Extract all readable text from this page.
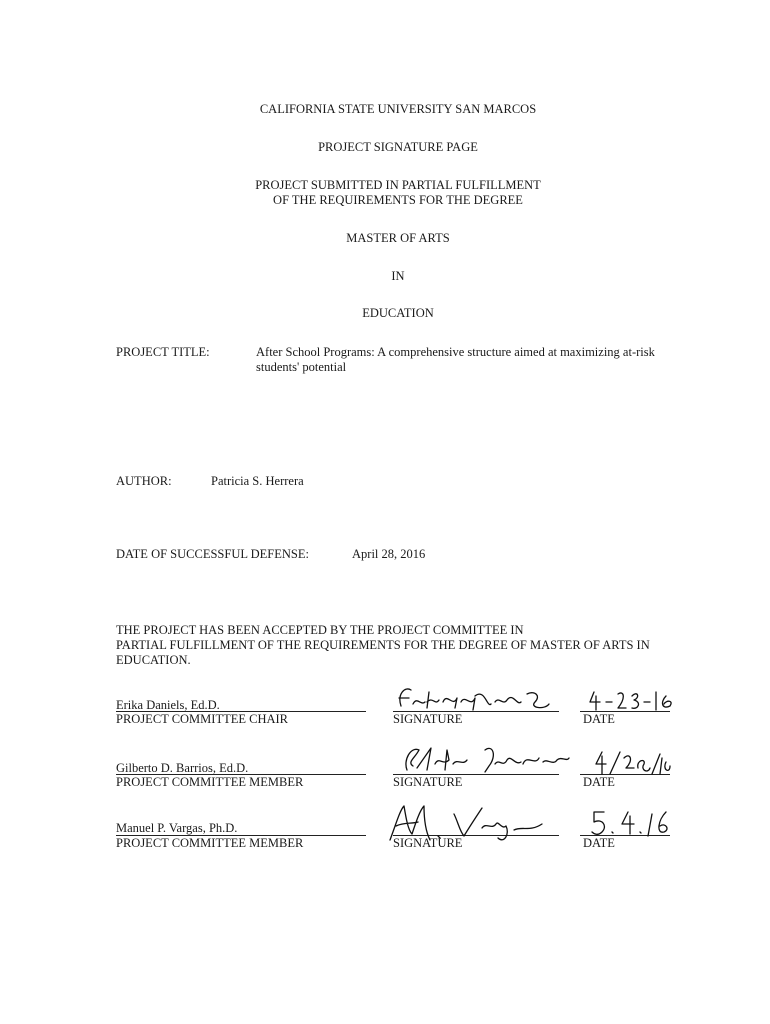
CALIFORNIA STATE UNIVERSITY SAN MARCOS
PROJECT SIGNATURE PAGE
PROJECT SUBMITTED IN PARTIAL FULFILLMENT
OF THE REQUIREMENTS FOR THE DEGREE
MASTER OF ARTS
IN
EDUCATION
PROJECT TITLE:	After School Programs: A comprehensive structure aimed at maximizing at-risk
students' potential
AUTHOR:	Patricia S. Herrera
DATE OF SUCCESSFUL DEFENSE:	April 28, 2016
THE PROJECT HAS BEEN ACCEPTED BY THE PROJECT COMMITTEE IN
PARTIAL FULFILLMENT OF THE REQUIREMENTS FOR THE DEGREE OF MASTER OF ARTS IN
EDUCATION.
Erika Daniels, Ed.D.
PROJECT COMMITTEE CHAIR	SIGNATURE	DATE
Gilberto D. Barrios, Ed.D.
PROJECT COMMITTEE MEMBER	SIGNATURE	DATE
Manuel P. Vargas, Ph.D.
PROJECT COMMITTEE MEMBER	SIGNATURE	DATE
